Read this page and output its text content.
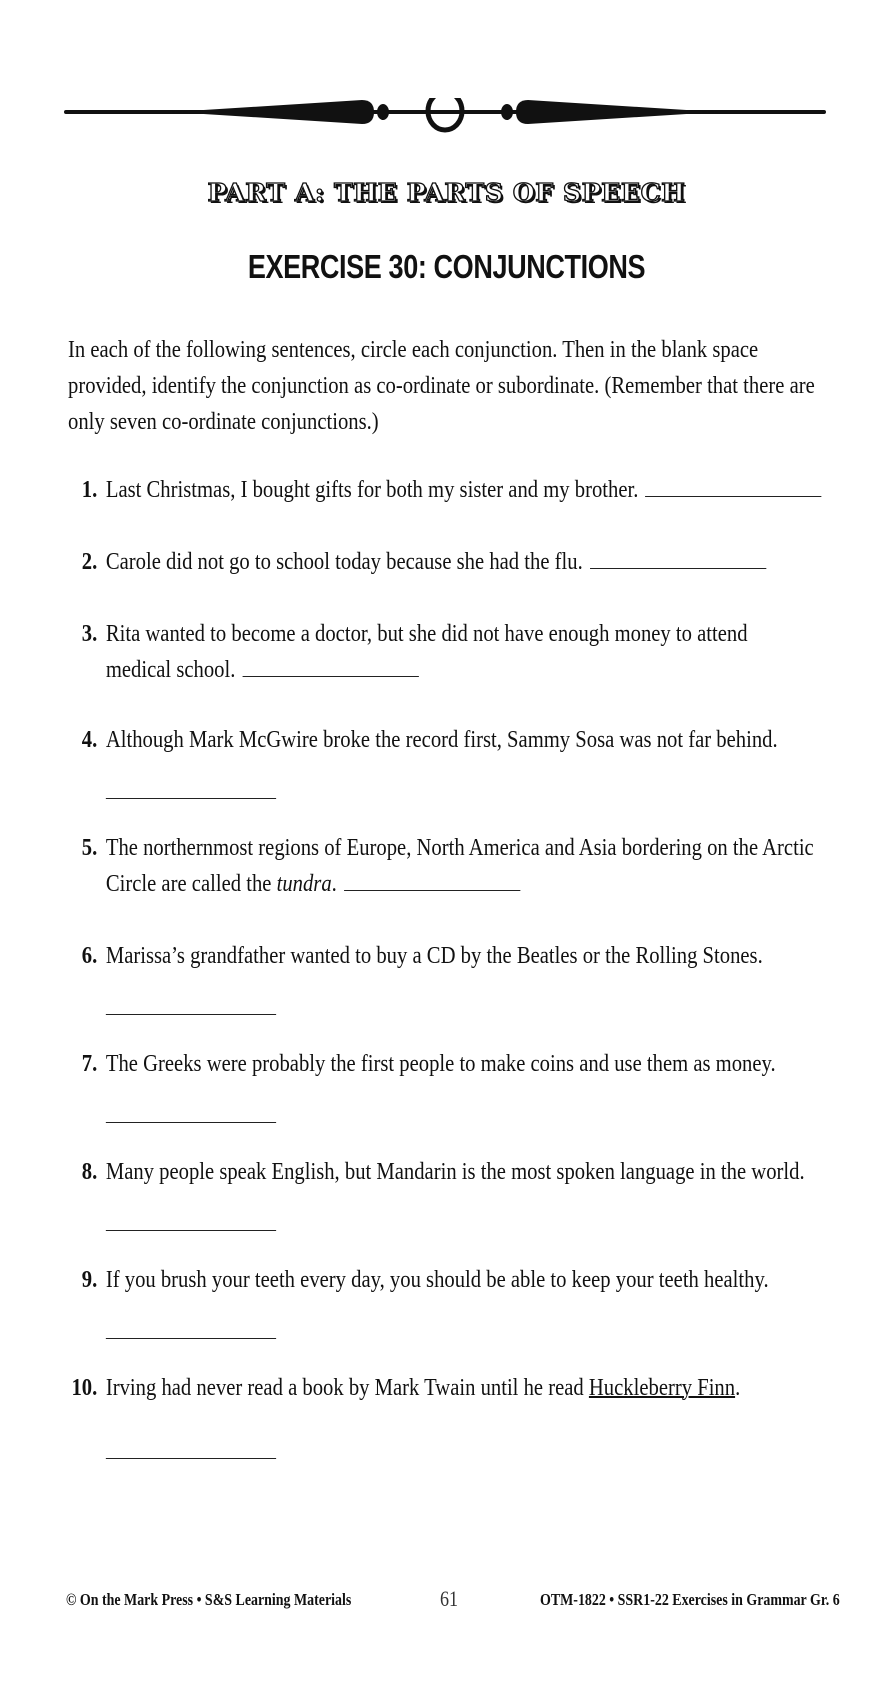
PART A: THE PARTS OF SPEECH
EXERCISE 30: CONJUNCTIONS
In each of the following sentences, circle each conjunction. Then in the blank space provided, identify the conjunction as co-ordinate or subordinate. (Remember that there are only seven co-ordinate conjunctions.)
1. Last Christmas, I bought gifts for both my sister and my brother.
2. Carole did not go to school today because she had the flu.
3. Rita wanted to become a doctor, but she did not have enough money to attend medical school.
4. Although Mark McGwire broke the record first, Sammy Sosa was not far behind.

5. The northernmost regions of Europe, North America and Asia bordering on the Arctic Circle are called the tundra.
6. Marissa’s grandfather wanted to buy a CD by the Beatles or the Rolling Stones.

7. The Greeks were probably the first people to make coins and use them as money.

8. Many people speak English, but Mandarin is the most spoken language in the world.

9. If you brush your teeth every day, you should be able to keep your teeth healthy.

10. Irving had never read a book by Mark Twain until he read Huckleberry Finn.

© On the Mark Press • S&S Learning Materials	61	OTM-1822 • SSR1-22 Exercises in Grammar Gr. 6
